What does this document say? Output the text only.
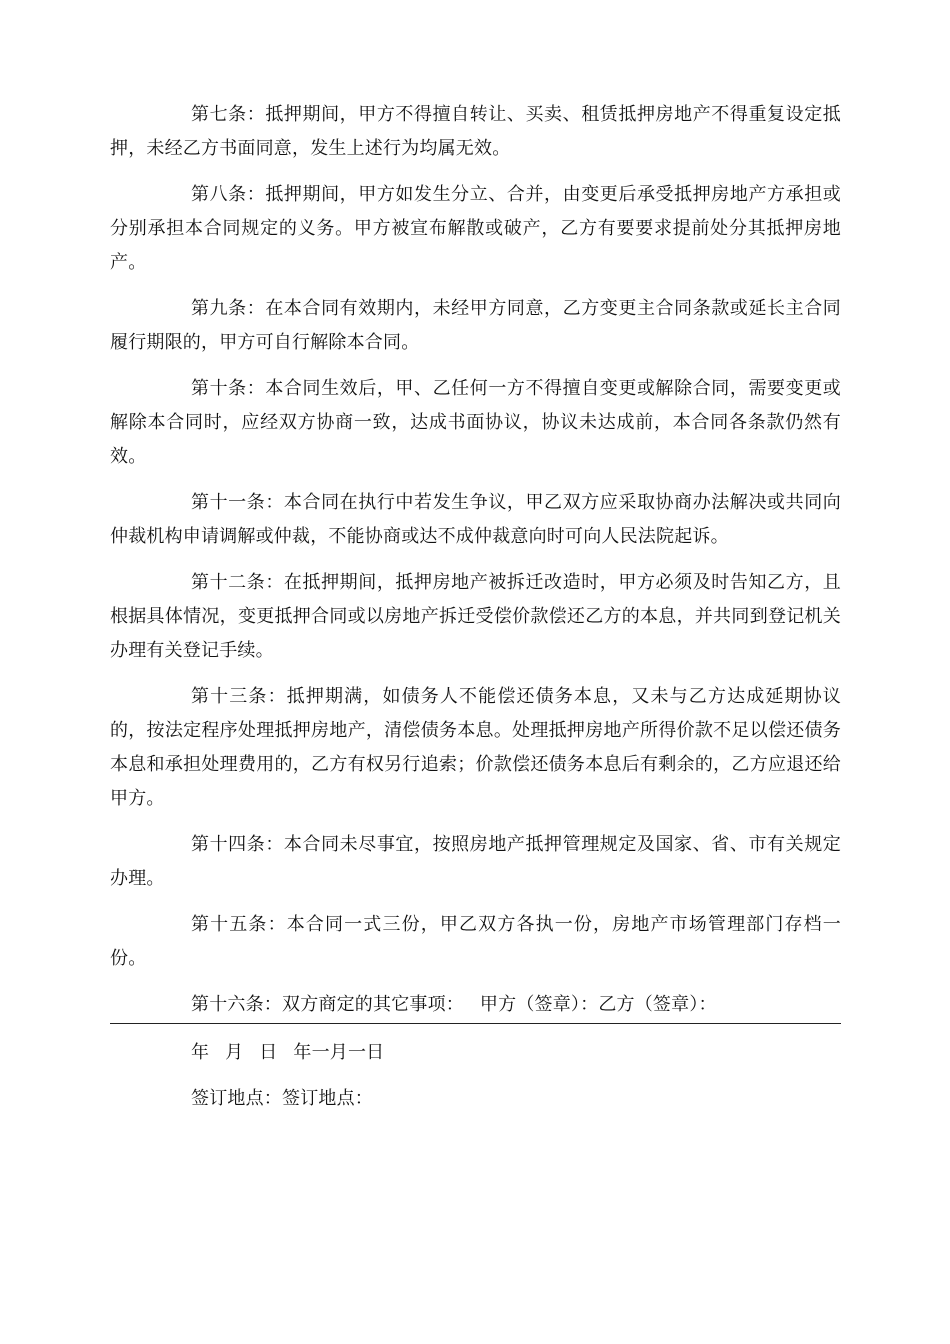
第七条：抵押期间，甲方不得擅自转让、买卖、租赁抵押房地产不得重复设定抵押，未经乙方书面同意，发生上述行为均属无效。

第八条：抵押期间，甲方如发生分立、合并，由变更后承受抵押房地产方承担或分别承担本合同规定的义务。甲方被宣布解散或破产，乙方有要要求提前处分其抵押房地产。

第九条：在本合同有效期内，未经甲方同意，乙方变更主合同条款或延长主合同履行期限的，甲方可自行解除本合同。

第十条：本合同生效后，甲、乙任何一方不得擅自变更或解除合同，需要变更或解除本合同时，应经双方协商一致，达成书面协议，协议未达成前，本合同各条款仍然有效。

第十一条：本合同在执行中若发生争议，甲乙双方应采取协商办法解决或共同向仲裁机构申请调解或仲裁，不能协商或达不成仲裁意向时可向人民法院起诉。

第十二条：在抵押期间，抵押房地产被拆迁改造时，甲方必须及时告知乙方，且根据具体情况，变更抵押合同或以房地产拆迁受偿价款偿还乙方的本息，并共同到登记机关办理有关登记手续。

第十三条：抵押期满，如债务人不能偿还债务本息，又未与乙方达成延期协议的，按法定程序处理抵押房地产，清偿债务本息。处理抵押房地产所得价款不足以偿还债务本息和承担处理费用的，乙方有权另行追索；价款偿还债务本息后有剩余的，乙方应退还给甲方。

第十四条：本合同未尽事宜，按照房地产抵押管理规定及国家、省、市有关规定办理。

第十五条：本合同一式三份，甲乙双方各执一份，房地产市场管理部门存档一份。

第十六条：双方商定的其它事项： 甲方（签章）：乙方（签章）：
年 月 日 年一月一日
签订地点：签订地点：
